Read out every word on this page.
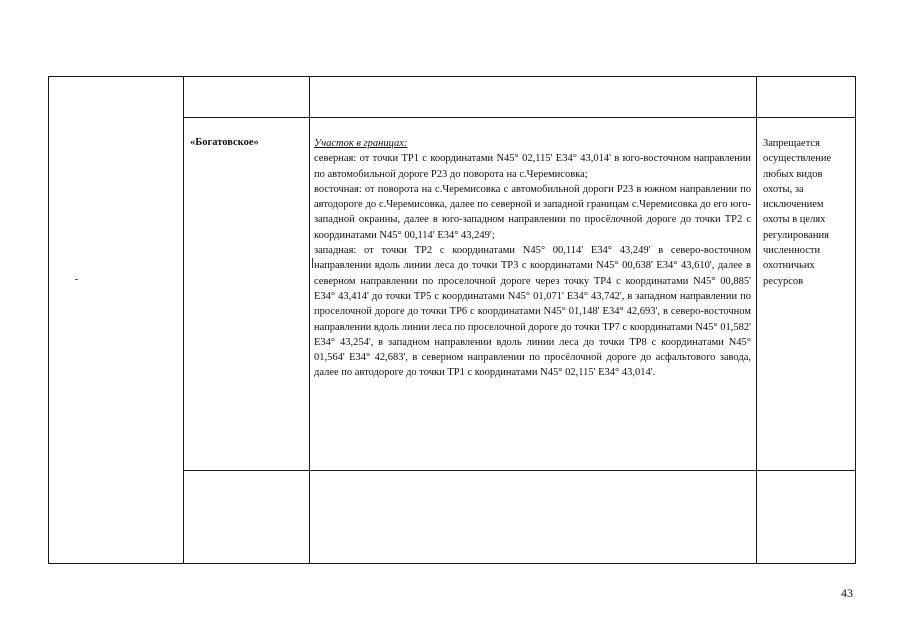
«Богатовское»	Участок в границах:

северная: от точки ТР1 с координатами N45° 02,115' Е34° 43,014' в юго-восточном направлении по автомобильной дороге Р23 до поворота на с.Черемисовка;

восточная: от поворота на с.Черемисовка с автомобильной дороги Р23 в южном направлении по автодороге до с.Черемисовка, далее по северной и западной границам с.Черемисовка до его юго-западной окраины, далее в юго-западном направлении по просёлочной дороге до точки ТР2 с координатами N45° 00,114' Е34° 43,249';

западная: от точки ТР2 с координатами N45° 00,114' Е34° 43,249' в северо-восточном направлении вдоль линии леса до точки ТР3 с координатами N45° 00,638' Е34° 43,610', далее в северном направлении по проселочной дороге через точку ТР4 с координатами N45° 00,885' Е34° 43,414' до точки ТР5 с координатами N45° 01,071' Е34° 43,742', в западном направлении по проселочной дороге до точки ТР6 с координатами N45° 01,148' Е34° 42,693', в северо-восточном направлении вдоль линии леса по проселочной дороге до точки ТР7 с координатами N45° 01,582' Е34° 43,254', в западном направлении вдоль линии леса до точки ТР8 с координатами N45° 01,564' Е34° 42,683', в северном направлении по просёлочной дороге до асфальтового завода, далее по автодороге до точки ТР1 с координатами N45° 02,115' Е34° 43,014'.

Запрещается
осуществление
любых видов
охоты, за
исключением
охоты в целях
регулирования
численности
охотничьих
ресурсов
43
